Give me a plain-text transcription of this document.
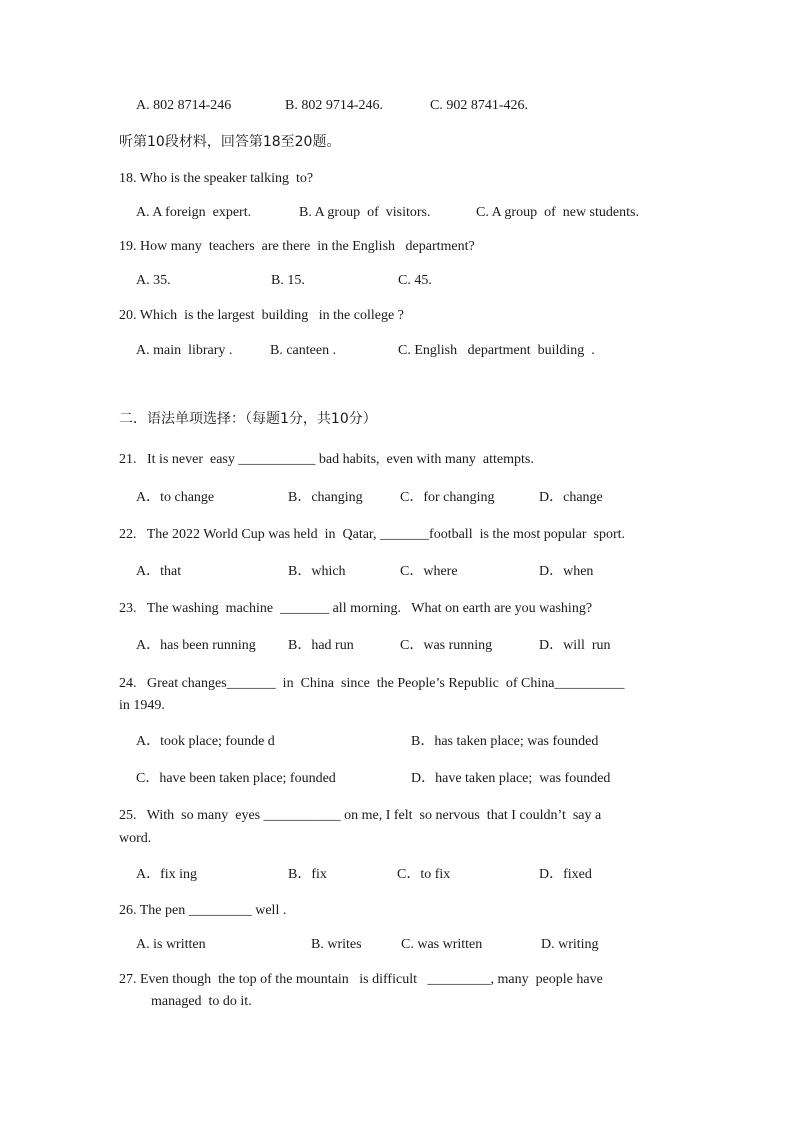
A. 802 8714-246	B. 802 9714-246.	C. 902 8741-426.
听第10段材料，回答第18至20题。
18. Who is the speaker talking  to?
A. A foreign  expert.	B. A group  of  visitors.	C. A group  of  new students.
19. How many  teachers  are there  in the English   department?
A. 35.	B. 15.	C. 45.
20. Which  is the largest  building   in the college ?
A. main  library .	B. canteen .	C. English   department  building  .
二．语法单项选择：（每题1分，共10分）
21.   It is never  easy ___________ bad habits,  even with many  attempts.
A．to change	B．changing	C．for changing	D．change
22.   The 2022 World Cup was held  in  Qatar, _______football  is the most popular  sport.
A．that	B．which	C．where	D．when
23.   The washing  machine  _______ all morning.   What on earth are you washing?
A．has been running B．had run	C．was running	D．will  run
24.   Great changes_______  in  China  since  the People’s Republic  of China__________
in 1949.
A．took place; founde d	B．has taken place; was founded
C．have been taken place; founded	D．have taken place;  was founded
25.   With  so many  eyes ___________ on me, I felt  so nervous  that I couldn’t  say a
word.
A．fix ing	B．fix	C．to fix	D．fixed
26. The pen _________ well .
A. is written	B. writes	C. was written	D. writing
27. Even though  the top of the mountain   is difficult   _________, many  people have
managed  to do it.
